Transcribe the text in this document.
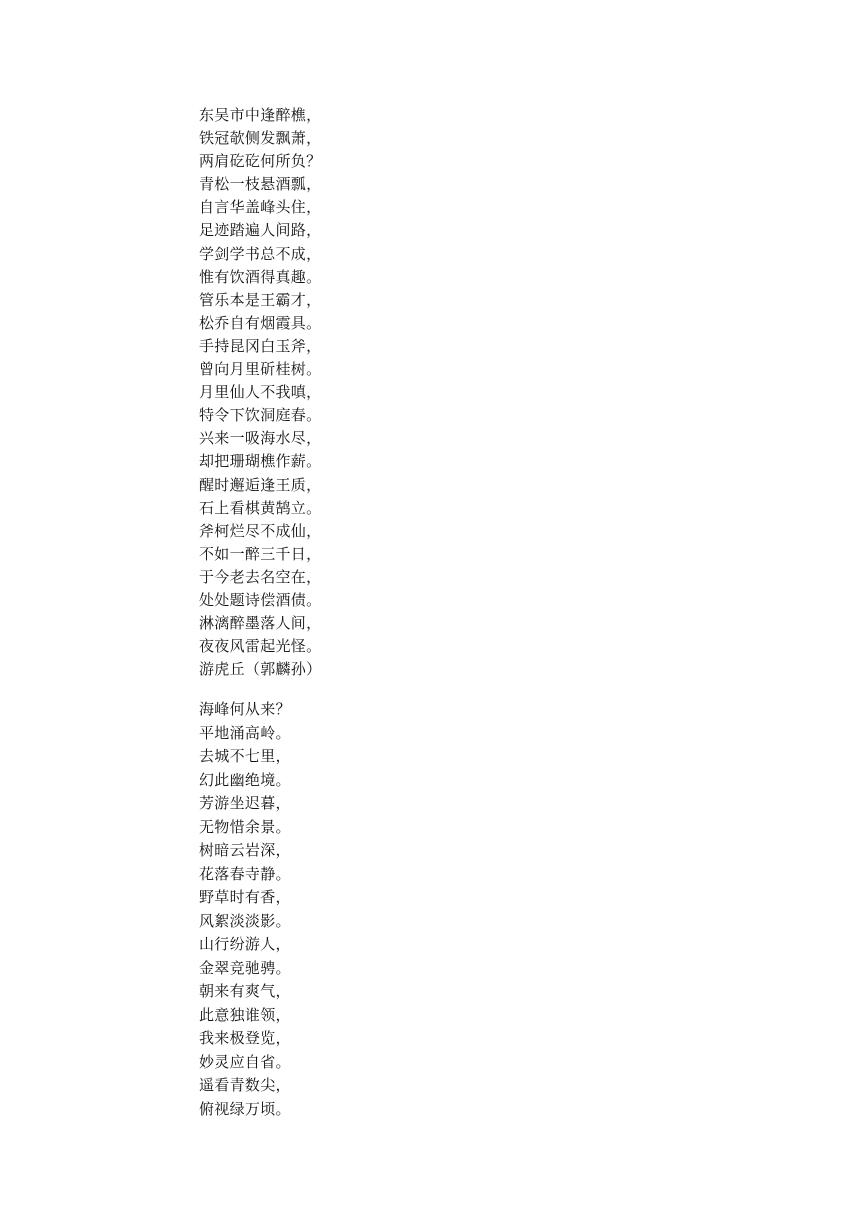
东吴市中逢醉樵，
铁冠欹侧发飘萧，
两肩矻矻何所负？
青松一枝悬酒瓢，
自言华盖峰头住，
足迹踏遍人间路，
学剑学书总不成，
惟有饮酒得真趣。
管乐本是王霸才，
松乔自有烟霞具。
手持昆冈白玉斧，
曾向月里斫桂树。
月里仙人不我嗔，
特令下饮洞庭春。
兴来一吸海水尽，
却把珊瑚樵作薪。
醒时邂逅逢王质，
石上看棋黄鹄立。
斧柯烂尽不成仙，
不如一醉三千日，
于今老去名空在，
处处题诗偿酒债。
淋漓醉墨落人间，
夜夜风雷起光怪。
游虎丘（郭麟孙）
海峰何从来？
平地涌高岭。
去城不七里，
幻此幽绝境。
芳游坐迟暮，
无物惜余景。
树暗云岩深，
花落春寺静。
野草时有香，
风絮淡淡影。
山行纷游人，
金翠竞驰骋。
朝来有爽气，
此意独谁领，
我来极登览，
妙灵应自省。
遥看青数尖，
俯视绿万顷。
